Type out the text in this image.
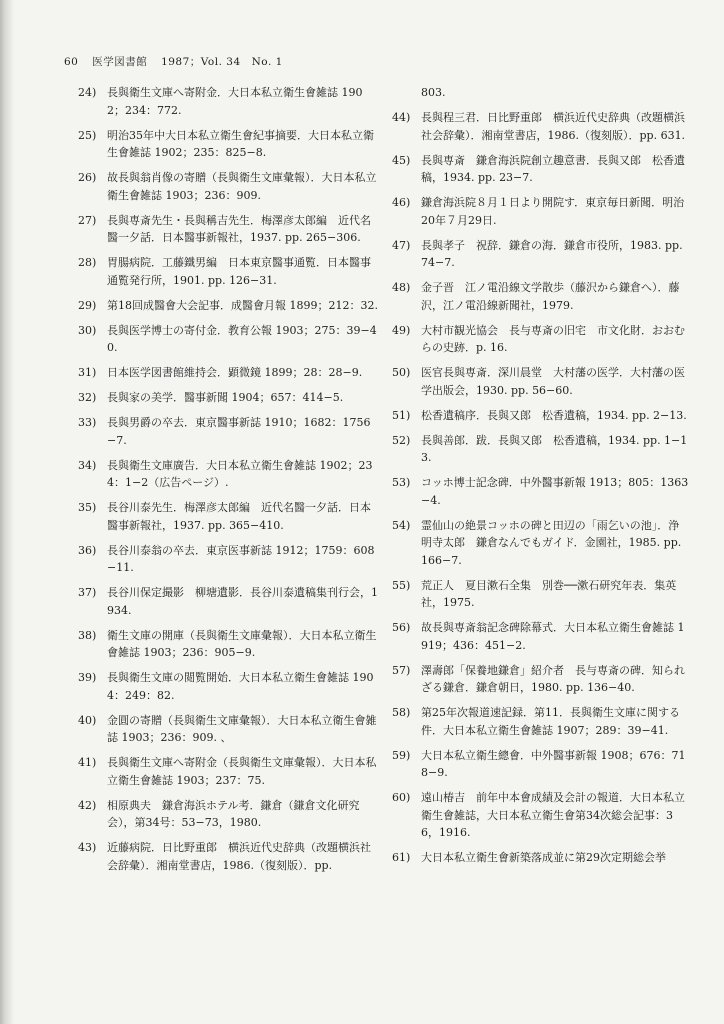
60 医学図書館 1987；Vol. 34　No. 1
24) 長與衛生文庫へ寄附金．大日本私立衛生會雑誌 1902；234：772.
25) 明治35年中大日本私立衛生會紀事摘要．大日本私立衛生會雑誌 1902；235：825−8.
26) 故長與翁肖像の寄贈（長與衛生文庫彙報）．大日本私立衛生會雑誌 1903；236：909.
27) 長與専斎先生・長與稱吉先生．梅澤彦太郎編　近代名醫一夕話．日本醫事新報社，1937. pp. 265−306.
28) 胃腸病院．工藤鐵男編　日本東京醫事通覧．日本醫事通覧発行所，1901. pp. 126−31.
29) 第18回成醫會大会記事．成醫會月報 1899；212：32.
30) 長與医学博士の寄付金．教育公報 1903；275：39−40.
31) 日本医学図書館維持会．顕微鏡 1899；28：28−9.
32) 長與家の美学．醫事新聞 1904；657：414−5.
33) 長與男爵の卒去．東京醫事新誌 1910；1682：1756−7.
34) 長與衛生文庫廣告．大日本私立衛生會雑誌 1902；234：1−2（広告ページ）.
35) 長谷川泰先生．梅澤彦太郎編　近代名醫一夕話．日本醫事新報社，1937. pp. 365−410.
36) 長谷川泰翁の卒去．東京医事新誌 1912；1759：608−11.
37) 長谷川保定撮影　柳塘遺影．長谷川泰遺稿集刊行会，1934.
38) 衛生文庫の開庫（長與衛生文庫彙報）．大日本私立衛生會雑誌 1903；236：905−9.
39) 長與衛生文庫の閲覧開始．大日本私立衛生會雑誌 1904：249：82.
40) 金圓の寄贈（長與衛生文庫彙報）．大日本私立衛生會雑誌 1903；236：909. 、
41) 長與衛生文庫へ寄附金（長與衛生文庫彙報）．大日本私立衛生會雑誌 1903；237：75.
42) 相原典夫　鎌倉海浜ホテル考．鎌倉（鎌倉文化研究会），第34号：53−73，1980.
43) 近藤病院．日比野重郎　横浜近代史辞典（改題横浜社会辞彙）．湘南堂書店，1986.（復刻版）．pp.
803.
44) 長與程三君．日比野重郎　横浜近代史辞典（改題横浜社会辞彙）．湘南堂書店，1986.（復刻版）．pp. 631.
45) 長與専斎　鎌倉海浜院創立趣意書．長與又郎　松香遺稿，1934. pp. 23−7.
46) 鎌倉海浜院８月１日より開院す．東京毎日新聞．明治20年７月29日.
47) 長與孝子　祝辞．鎌倉の海．鎌倉市役所，1983. pp. 74−7.
48) 金子晋　江ノ電沿線文学散歩（藤沢から鎌倉へ）．藤沢，江ノ電沿線新聞社，1979.
49) 大村市観光協会　長与専斎の旧宅　市文化財．おおむらの史跡．p. 16.
50) 医官長與専斎．深川晨堂　大村藩の医学．大村藩の医学出版会，1930. pp. 56−60.
51) 松香遺稿序．長與又郎　松香遺稿，1934. pp. 2−13.
52) 長與善郎．跋．長與又郎　松香遺稿，1934. pp. 1−13.
53) コッホ博士記念碑．中外醫事新報 1913；805：1363−4.
54) 霊仙山の絶景コッホの碑と田辺の「雨乞いの池」．浄明寺太郎　鎌倉なんでもガイド．金園社，1985. pp. 166−7.
55) 荒正人　夏目漱石全集　別巻──漱石研究年表．集英社，1975.
56) 故長與専斎翁記念碑除幕式．大日本私立衛生會雑誌 1919；436：451−2.
57) 澤壽郎「保養地鎌倉」紹介者　長与専斎の碑．知られざる鎌倉．鎌倉朝日，1980. pp. 136−40.
58) 第25年次報道速記録．第11．長與衛生文庫に関する件．大日本私立衛生會雑誌 1907；289：39−41.
59) 大日本私立衛生總會．中外醫事新報 1908；676：718−9.
60) 遠山椿吉　前年中本會成績及会計の報道．大日本私立衛生會雑誌，大日本私立衛生會第34次総会記事：36，1916.
61) 大日本私立衛生會新築落成並に第29次定期総会挙
